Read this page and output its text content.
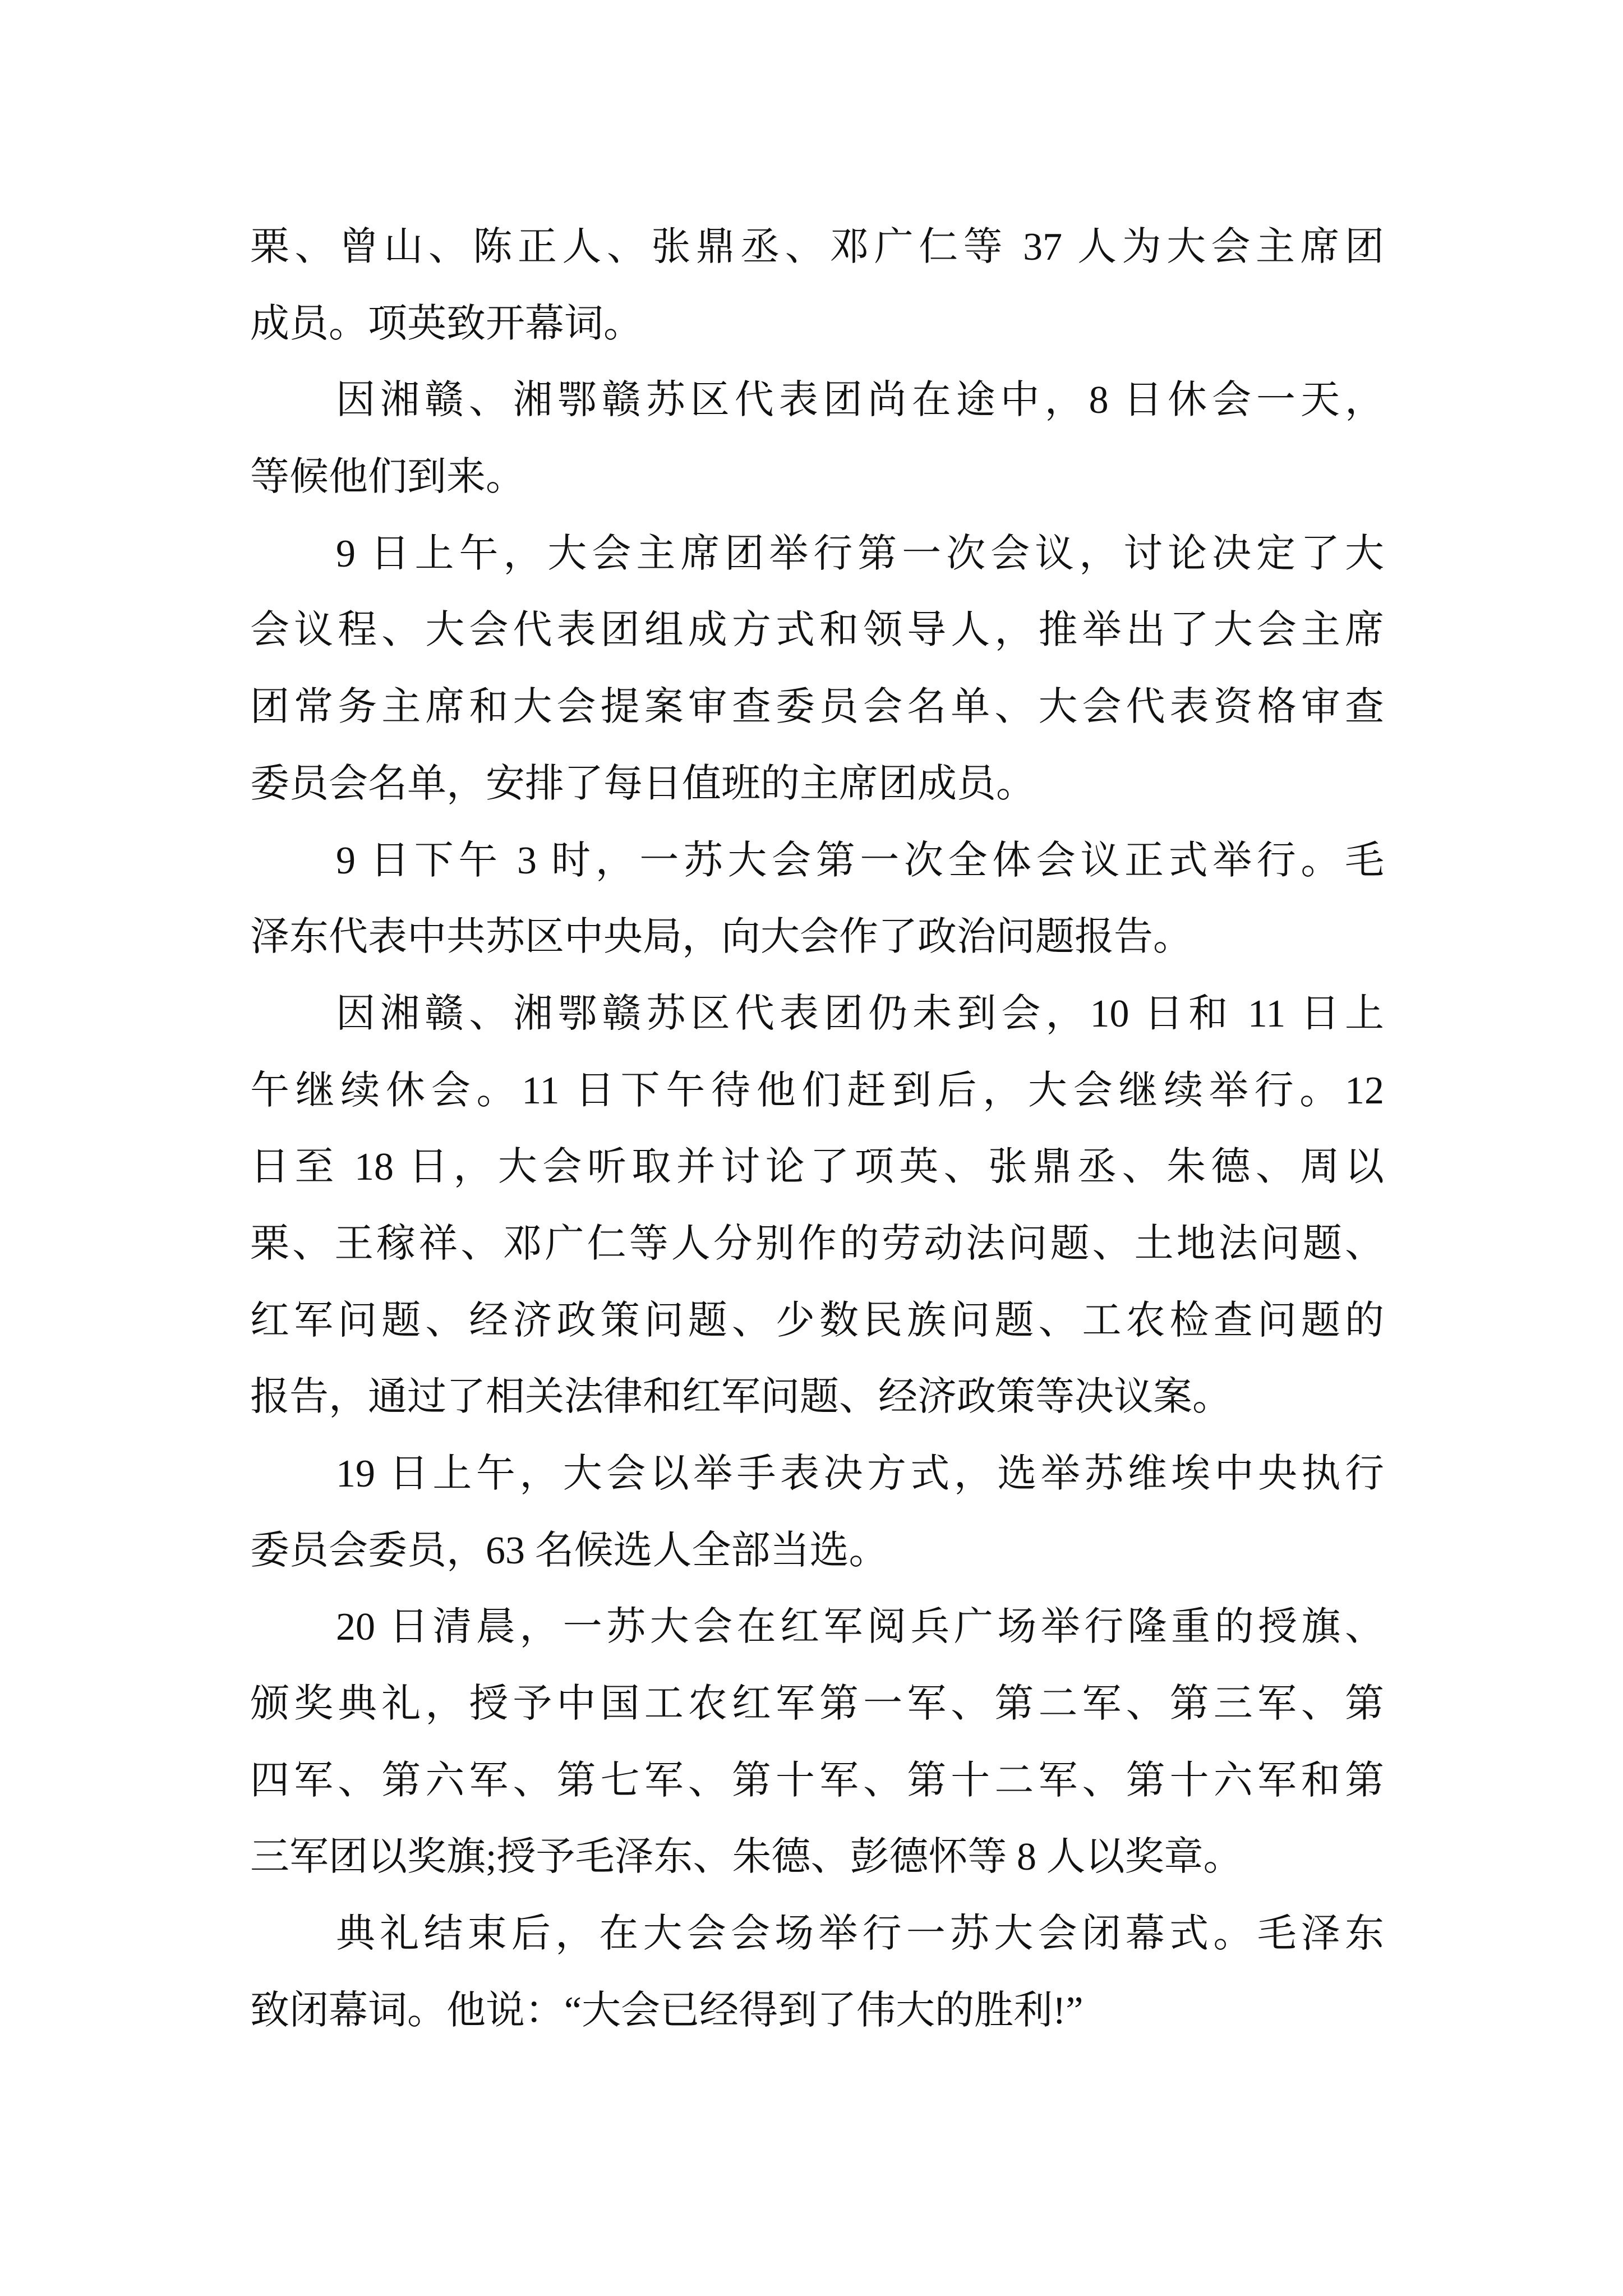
栗、曾山、陈正人、张鼎丞、邓广仁等 37 人为大会主席团
成员。项英致开幕词。
因湘赣、湘鄂赣苏区代表团尚在途中，8 日休会一天，
等候他们到来。
9 日上午，大会主席团举行第一次会议，讨论决定了大
会议程、大会代表团组成方式和领导人，推举出了大会主席
团常务主席和大会提案审查委员会名单、大会代表资格审查
委员会名单，安排了每日值班的主席团成员。
9 日下午 3 时，一苏大会第一次全体会议正式举行。毛
泽东代表中共苏区中央局，向大会作了政治问题报告。
因湘赣、湘鄂赣苏区代表团仍未到会，10 日和 11 日上
午继续休会。11 日下午待他们赶到后，大会继续举行。12
日至 18 日，大会听取并讨论了项英、张鼎丞、朱德、周以
栗、王稼祥、邓广仁等人分别作的劳动法问题、土地法问题、
红军问题、经济政策问题、少数民族问题、工农检查问题的
报告，通过了相关法律和红军问题、经济政策等决议案。
19 日上午，大会以举手表决方式，选举苏维埃中央执行
委员会委员，63 名候选人全部当选。
20 日清晨，一苏大会在红军阅兵广场举行隆重的授旗、
颁奖典礼，授予中国工农红军第一军、第二军、第三军、第
四军、第六军、第七军、第十军、第十二军、第十六军和第
三军团以奖旗;授予毛泽东、朱德、彭德怀等 8 人以奖章。
典礼结束后，在大会会场举行一苏大会闭幕式。毛泽东
致闭幕词。他说：“大会已经得到了伟大的胜利!”
